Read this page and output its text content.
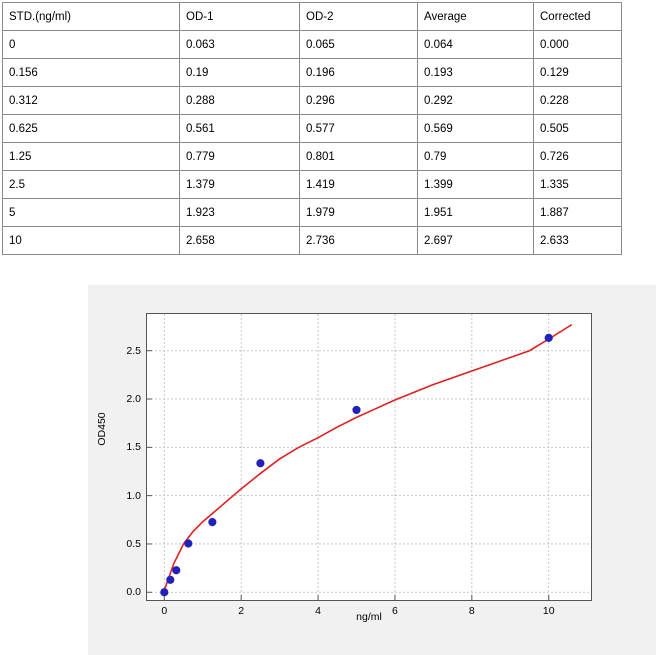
STD.(ng/ml)	OD-1	OD-2	Average	Corrected
0	0.063	0.065	0.064	0.000
0.156	0.19	0.196	0.193	0.129
0.312	0.288	0.296	0.292	0.228
0.625	0.561	0.577	0.569	0.505
1.25	0.779	0.801	0.79	0.726
2.5	1.379	1.419	1.399	1.335
5	1.923	1.979	1.951	1.887
10	2.658	2.736	2.697	2.633
OD450
ng/ml
0	2	4	6	8	10
0.0
0.5
1.0
1.5
2.0
2.5
